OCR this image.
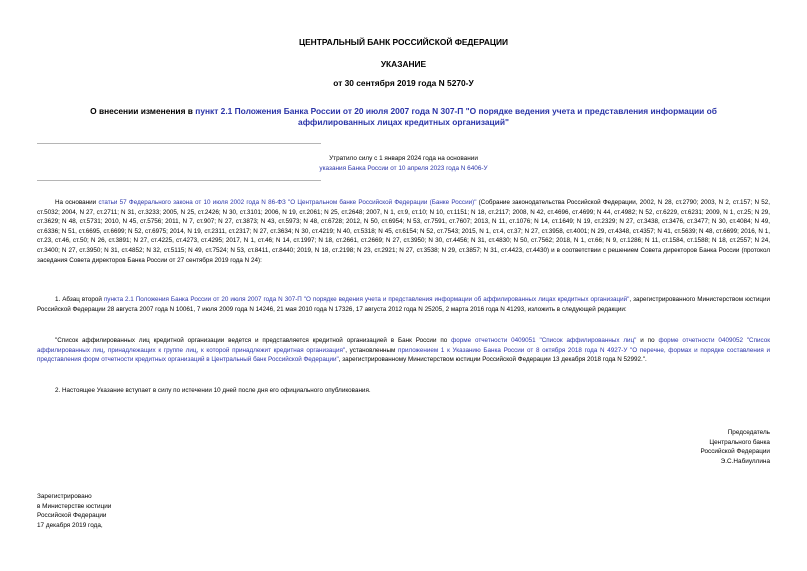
ЦЕНТРАЛЬНЫЙ БАНК РОССИЙСКОЙ ФЕДЕРАЦИИ
УКАЗАНИЕ
от 30 сентября 2019 года N 5270-У
О внесении изменения в пункт 2.1 Положения Банка России от 20 июля 2007 года N 307-П "О порядке ведения учета и представления информации об аффилированных лицах кредитных организаций"
Утратило силу с 1 января 2024 года на основании
указания Банка России от 10 апреля 2023 года N 6406-У
На основании статьи 57 Федерального закона от 10 июля 2002 года N 86-ФЗ "О Центральном банке Российской Федерации (Банке России)" (Собрание законодательства Российской Федерации, 2002, N 28, ст.2790; 2003, N 2, ст.157; N 52, ст.5032; 2004, N 27, ст.2711; N 31, ст.3233; 2005, N 25, ст.2426; N 30, ст.3101; 2006, N 19, ст.2061; N 25, ст.2648; 2007, N 1, ст.9, ст.10; N 10, ст.1151; N 18, ст.2117; 2008, N 42, ст.4696, ст.4699; N 44, ст.4982; N 52, ст.6229, ст.6231; 2009, N 1, ст.25; N 29, ст.3629; N 48, ст.5731; 2010, N 45, ст.5756; 2011, N 7, ст.907; N 27, ст.3873; N 43, ст.5973; N 48, ст.6728; 2012, N 50, ст.6954; N 53, ст.7591, ст.7607; 2013, N 11, ст.1076; N 14, ст.1649; N 19, ст.2329; N 27, ст.3438, ст.3476, ст.3477; N 30, ст.4084; N 49, ст.6336; N 51, ст.6695, ст.6699; N 52, ст.6975; 2014, N 19, ст.2311, ст.2317; N 27, ст.3634; N 30, ст.4219; N 40, ст.5318; N 45, ст.6154; N 52, ст.7543; 2015, N 1, ст.4, ст.37; N 27, ст.3958, ст.4001; N 29, ст.4348, ст.4357; N 41, ст.5639; N 48, ст.6699; 2016, N 1, ст.23, ст.46, ст.50; N 26, ст.3891; N 27, ст.4225, ст.4273, ст.4295; 2017, N 1, ст.46; N 14, ст.1997; N 18, ст.2661, ст.2669; N 27, ст.3950; N 30, ст.4456; N 31, ст.4830; N 50, ст.7562; 2018, N 1, ст.66; N 9, ст.1286; N 11, ст.1584, ст.1588; N 18, ст.2557; N 24, ст.3400; N 27, ст.3950; N 31, ст.4852; N 32, ст.5115; N 49, ст.7524; N 53, ст.8411, ст.8440; 2019, N 18, ст.2198; N 23, ст.2921; N 27, ст.3538; N 29, ст.3857; N 31, ст.4423, ст.4430) и в соответствии с решением Совета директоров Банка России (протокол заседания Совета директоров Банка России от 27 сентября 2019 года N 24):
1. Абзац второй пункта 2.1 Положения Банка России от 20 июля 2007 года N 307-П "О порядке ведения учета и представления информации об аффилированных лицах кредитных организаций", зарегистрированного Министерством юстиции Российской Федерации 28 августа 2007 года N 10061, 7 июля 2009 года N 14246, 21 мая 2010 года N 17326, 17 августа 2012 года N 25205, 2 марта 2016 года N 41293, изложить в следующей редакции:
"Список аффилированных лиц кредитной организации ведется и представляется кредитной организацией в Банк России по форме отчетности 0409051 "Список аффилированных лиц" и по форме отчетности 0409052 "Список аффилированных лиц, принадлежащих к группе лиц, к которой принадлежит кредитная организация", установленным приложением 1 к Указанию Банка России от 8 октября 2018 года N 4927-У "О перечне, формах и порядке составления и представления форм отчетности кредитных организаций в Центральный банк Российской Федерации", зарегистрированному Министерством юстиции Российской Федерации 13 декабря 2018 года N 52992.".
2. Настоящее Указание вступает в силу по истечении 10 дней после дня его официального опубликования.
Председатель
Центрального банка
Российской Федерации
Э.С.Набиуллина
Зарегистрировано
в Министерстве юстиции
Российской Федерации
17 декабря 2019 года,
